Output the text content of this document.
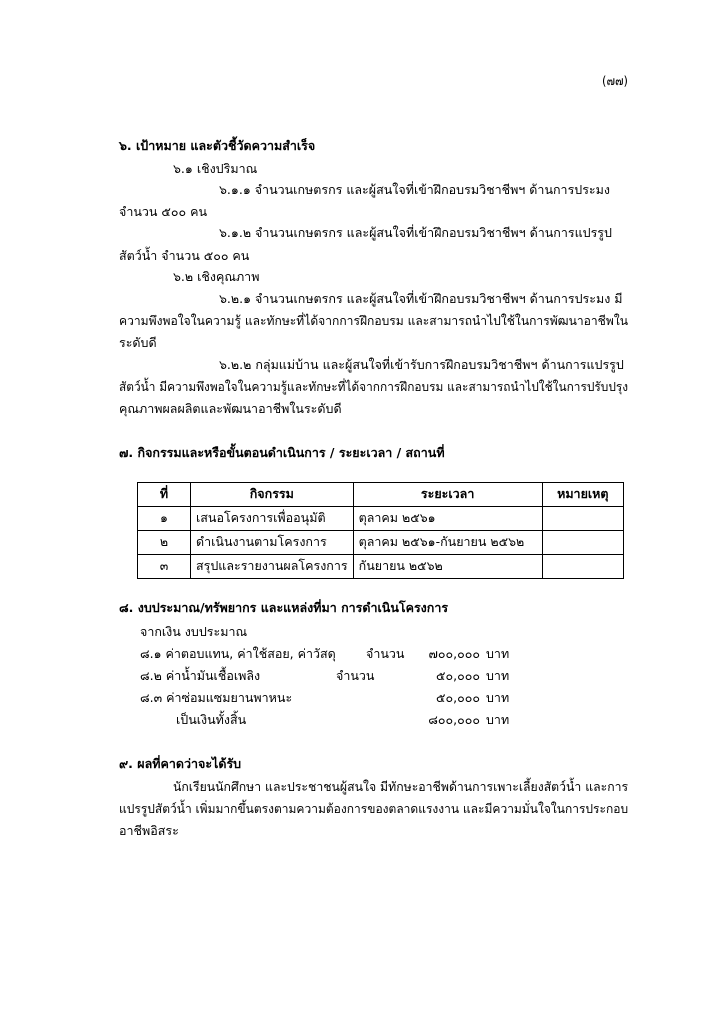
(๗๗)
๖. เป้าหมาย และตัวชี้วัดความสำเร็จ
๖.๑ เชิงปริมาณ
๖.๑.๑ จำนวนเกษตรกร และผู้สนใจที่เข้าฝึกอบรมวิชาชีพฯ ด้านการประมง
จำนวน ๕๐๐ คน
๖.๑.๒ จำนวนเกษตรกร และผู้สนใจที่เข้าฝึกอบรมวิชาชีพฯ ด้านการแปรรูป
สัตว์น้ำ จำนวน ๕๐๐ คน
๖.๒ เชิงคุณภาพ
๖.๒.๑ จำนวนเกษตรกร และผู้สนใจที่เข้าฝึกอบรมวิชาชีพฯ ด้านการประมง มี
ความพึงพอใจในความรู้ และทักษะที่ได้จากการฝึกอบรม และสามารถนำไปใช้ในการพัฒนาอาชีพใน
ระดับดี
๖.๒.๒ กลุ่มแม่บ้าน และผู้สนใจที่เข้ารับการฝึกอบรมวิชาชีพฯ ด้านการแปรรูป
สัตว์น้ำ มีความพึงพอใจในความรู้และทักษะที่ได้จากการฝึกอบรม และสามารถนำไปใช้ในการปรับปรุง
คุณภาพผลผลิตและพัฒนาอาชีพในระดับดี
๗. กิจกรรมและหรือขั้นตอนดำเนินการ / ระยะเวลา / สถานที่
ที่	กิจกรรม	ระยะเวลา	หมายเหตุ
๑	เสนอโครงการเพื่ออนุมัติ	ตุลาคม ๒๕๖๑	
๒	ดำเนินงานตามโครงการ	ตุลาคม ๒๕๖๑-กันยายน ๒๕๖๒	
๓	สรุปและรายงานผลโครงการ	กันยายน ๒๕๖๒	
๘. งบประมาณ/ทรัพยากร และแหล่งที่มา การดำเนินโครงการ
จากเงิน งบประมาณ
๘.๑ ค่าตอบแทน, ค่าใช้สอย, ค่าวัสดุ จำนวน	๗๐๐,๐๐๐ บาท
๘.๒ ค่าน้ำมันเชื้อเพลิง	จำนวน	๕๐,๐๐๐ บาท
๘.๓ ค่าซ่อมแซมยานพาหนะ	๕๐,๐๐๐ บาท
เป็นเงินทั้งสิ้น	๘๐๐,๐๐๐ บาท
๙. ผลที่คาดว่าจะได้รับ
นักเรียนนักศึกษา และประชาชนผู้สนใจ มีทักษะอาชีพด้านการเพาะเลี้ยงสัตว์น้ำ และการ
แปรรูปสัตว์น้ำ เพิ่มมากขึ้นตรงตามความต้องการของตลาดแรงงาน และมีความมั่นใจในการประกอบ
อาชีพอิสระ
